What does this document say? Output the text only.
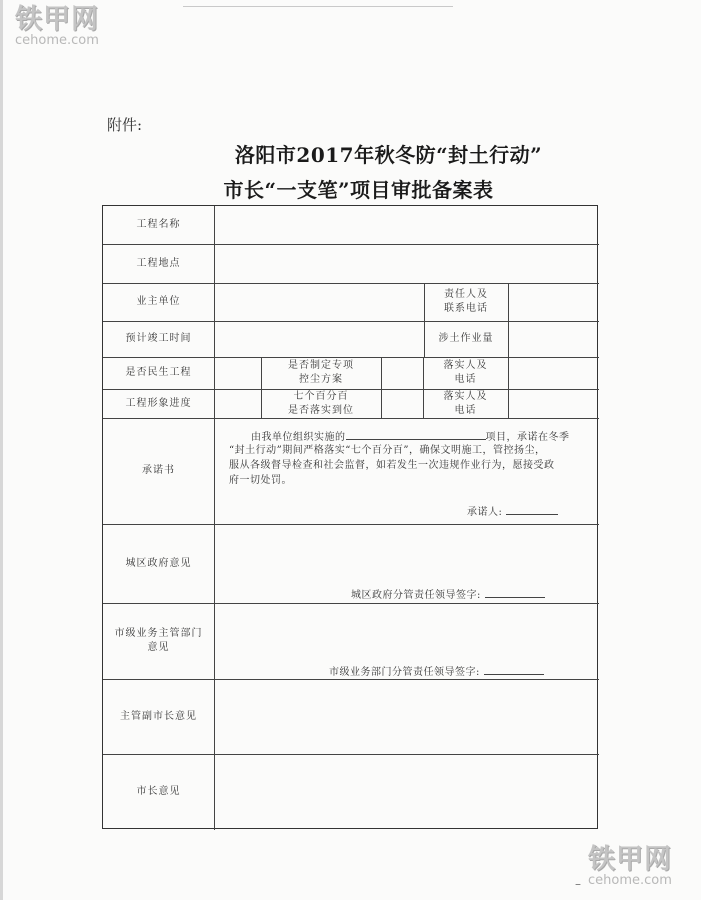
铁甲网
cehome.com
铁甲网
cehome.com
–
附件:
洛阳市2017年秋冬防“封土行动”
市长“一支笔”项目审批备案表
工程名称
工程地点
业主单位
责任人及
联系电话
预计竣工时间	涉土作业量
是否民生工程
是否制定专项
控尘方案
落实人及
电话
工程形象进度
七个百分百
是否落实到位
落实人及
电话
承诺书
由我单位组织实施的	项目，承诺在冬季
“封土行动”期间严格落实“七个百分百”，确保文明施工，管控扬尘，
服从各级督导检查和社会监督，如若发生一次违规作业行为，愿接受政
府一切处罚。
承诺人:
城区政府意见
城区政府分管责任领导签字:
市级业务主管部门
意见
市级业务部门分管责任领导签字:
主管副市长意见
市长意见
